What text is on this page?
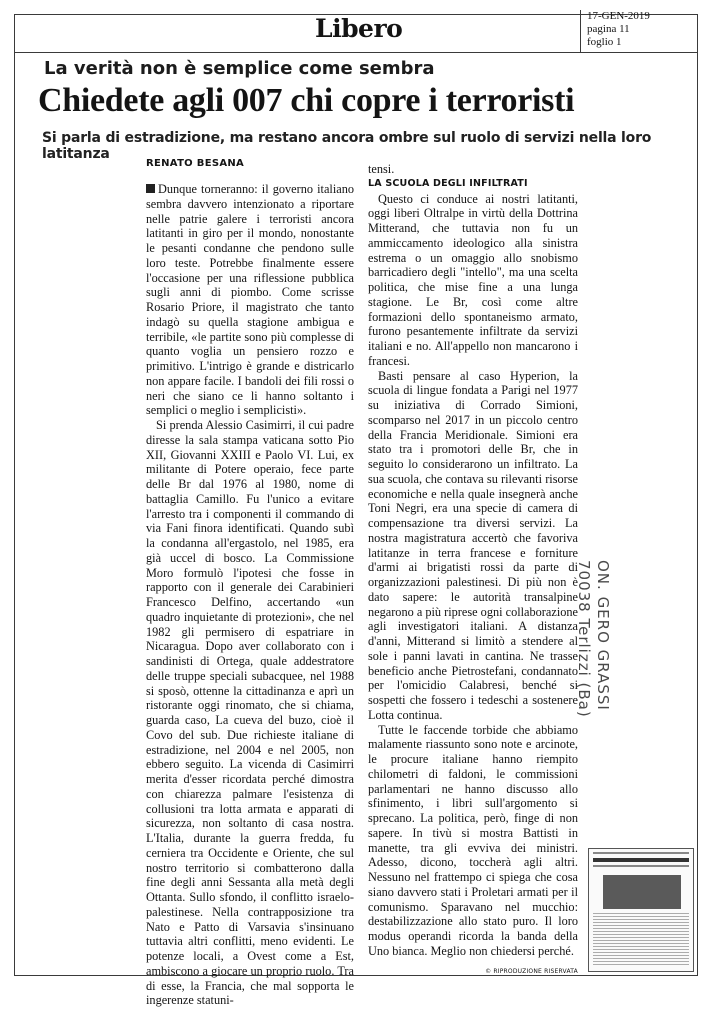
Libero	17-GEN-2019
pagina 11
foglio 1
La verità non è semplice come sembra
Chiedete agli 007 chi copre i terroristi
Si parla di estradizione, ma restano ancora ombre sul ruolo di servizi nella loro latitanza
RENATO BESANA

Dunque torneranno: il governo italiano sembra davvero intenzionato a riportare nelle patrie galere i terroristi ancora latitanti in giro per il mondo, nonostante le pesanti condanne che pendono sulle loro teste. Potrebbe finalmente essere l'occasione per una riflessione pubblica sugli anni di piombo. Come scrisse Rosario Priore, il magistrato che tanto indagò su quella stagione ambigua e terribile, «le partite sono più complesse di quanto voglia un pensiero rozzo e primitivo. L'intrigo è grande e districarlo non appare facile. I bandoli dei fili rossi o neri che siano ce li hanno soltanto i semplici o meglio i semplicisti».

Si prenda Alessio Casimirri, il cui padre diresse la sala stampa vaticana sotto Pio XII, Giovanni XXIII e Paolo VI. Lui, ex militante di Potere operaio, fece parte delle Br dal 1976 al 1980, nome di battaglia Camillo. Fu l'unico a evitare l'arresto tra i componenti il commando di via Fani finora identificati. Quando subì la condanna all'ergastolo, nel 1985, era già uccel di bosco. La Commissione Moro formulò l'ipotesi che fosse in rapporto con il generale dei Carabinieri Francesco Delfino, accertando «un quadro inquietante di protezioni», che nel 1982 gli permisero di espatriare in Nicaragua. Dopo aver collaborato con i sandinisti di Ortega, quale addestratore delle truppe speciali subacquee, nel 1988 si sposò, ottenne la cittadinanza e aprì un ristorante oggi rinomato, che si chiama, guarda caso, La cueva del buzo, cioè il Covo del sub. Due richieste italiane di estradizione, nel 2004 e nel 2005, non ebbero seguito. La vicenda di Casimirri merita d'esser ricordata perché dimostra con chiarezza palmare l'esistenza di collusioni tra lotta armata e apparati di sicurezza, non soltanto di casa nostra. L'Italia, durante la guerra fredda, fu cerniera tra Occidente e Oriente, che sul nostro territorio si combatterono dalla fine degli anni Sessanta alla metà degli Ottanta. Sullo sfondo, il conflitto israelo-palestinese. Nella contrapposizione tra Nato e Patto di Varsavia s'insinuano tuttavia altri conflitti, meno evidenti. Le potenze locali, a Ovest come a Est, ambiscono a giocare un proprio ruolo. Tra di esse, la Francia, che mal sopporta le ingerenze statuni-

tensi.

LA SCUOLA DEGLI INFILTRATI

Questo ci conduce ai nostri latitanti, oggi liberi Oltralpe in virtù della Dottrina Mitterand, che tuttavia non fu un ammiccamento ideologico alla sinistra estrema o un omaggio allo snobismo barricadiero degli "intello", ma una scelta politica, che mise fine a una lunga stagione. Le Br, così come altre formazioni dello spontaneismo armato, furono pesantemente infiltrate da servizi italiani e no. All'appello non mancarono i francesi.

Basti pensare al caso Hyperion, la scuola di lingue fondata a Parigi nel 1977 su iniziativa di Corrado Simioni, scomparso nel 2017 in un piccolo centro della Francia Meridionale. Simioni era stato tra i promotori delle Br, che in seguito lo considerarono un infiltrato. La sua scuola, che contava su rilevanti risorse economiche e nella quale insegnerà anche Toni Negri, era una specie di camera di compensazione tra diversi servizi. La nostra magistratura accertò che favoriva latitanze in terra francese e forniture d'armi ai brigatisti rossi da parte di organizzazioni palestinesi. Di più non è dato sapere: le autorità transalpine negarono a più riprese ogni collaborazione agli investigatori italiani. A distanza d'anni, Mitterand si limitò a stendere al sole i panni lavati in cantina. Ne trasse beneficio anche Pietrostefani, condannato per l'omicidio Calabresi, benché si sospetti che fossero i tedeschi a sostenere Lotta continua.

Tutte le faccende torbide che abbiamo malamente riassunto sono note e arcinote, le procure italiane hanno riempito chilometri di faldoni, le commissioni parlamentari ne hanno discusso allo sfinimento, i libri sull'argomento si sprecano. La politica, però, finge di non sapere. In tivù si mostra Battisti in manette, tra gli evviva dei ministri. Adesso, dicono, toccherà agli altri. Nessuno nel frattempo ci spiega che cosa siano davvero stati i Proletari armati per il comunismo. Sparavano nel mucchio: destabilizzazione allo stato puro. Il loro modus operandi ricorda la banda della Uno bianca. Meglio non chiedersi perché.

© RIPRODUZIONE RISERVATA
ON. GERO GRASSI
70038 Terlizzi (Ba)
